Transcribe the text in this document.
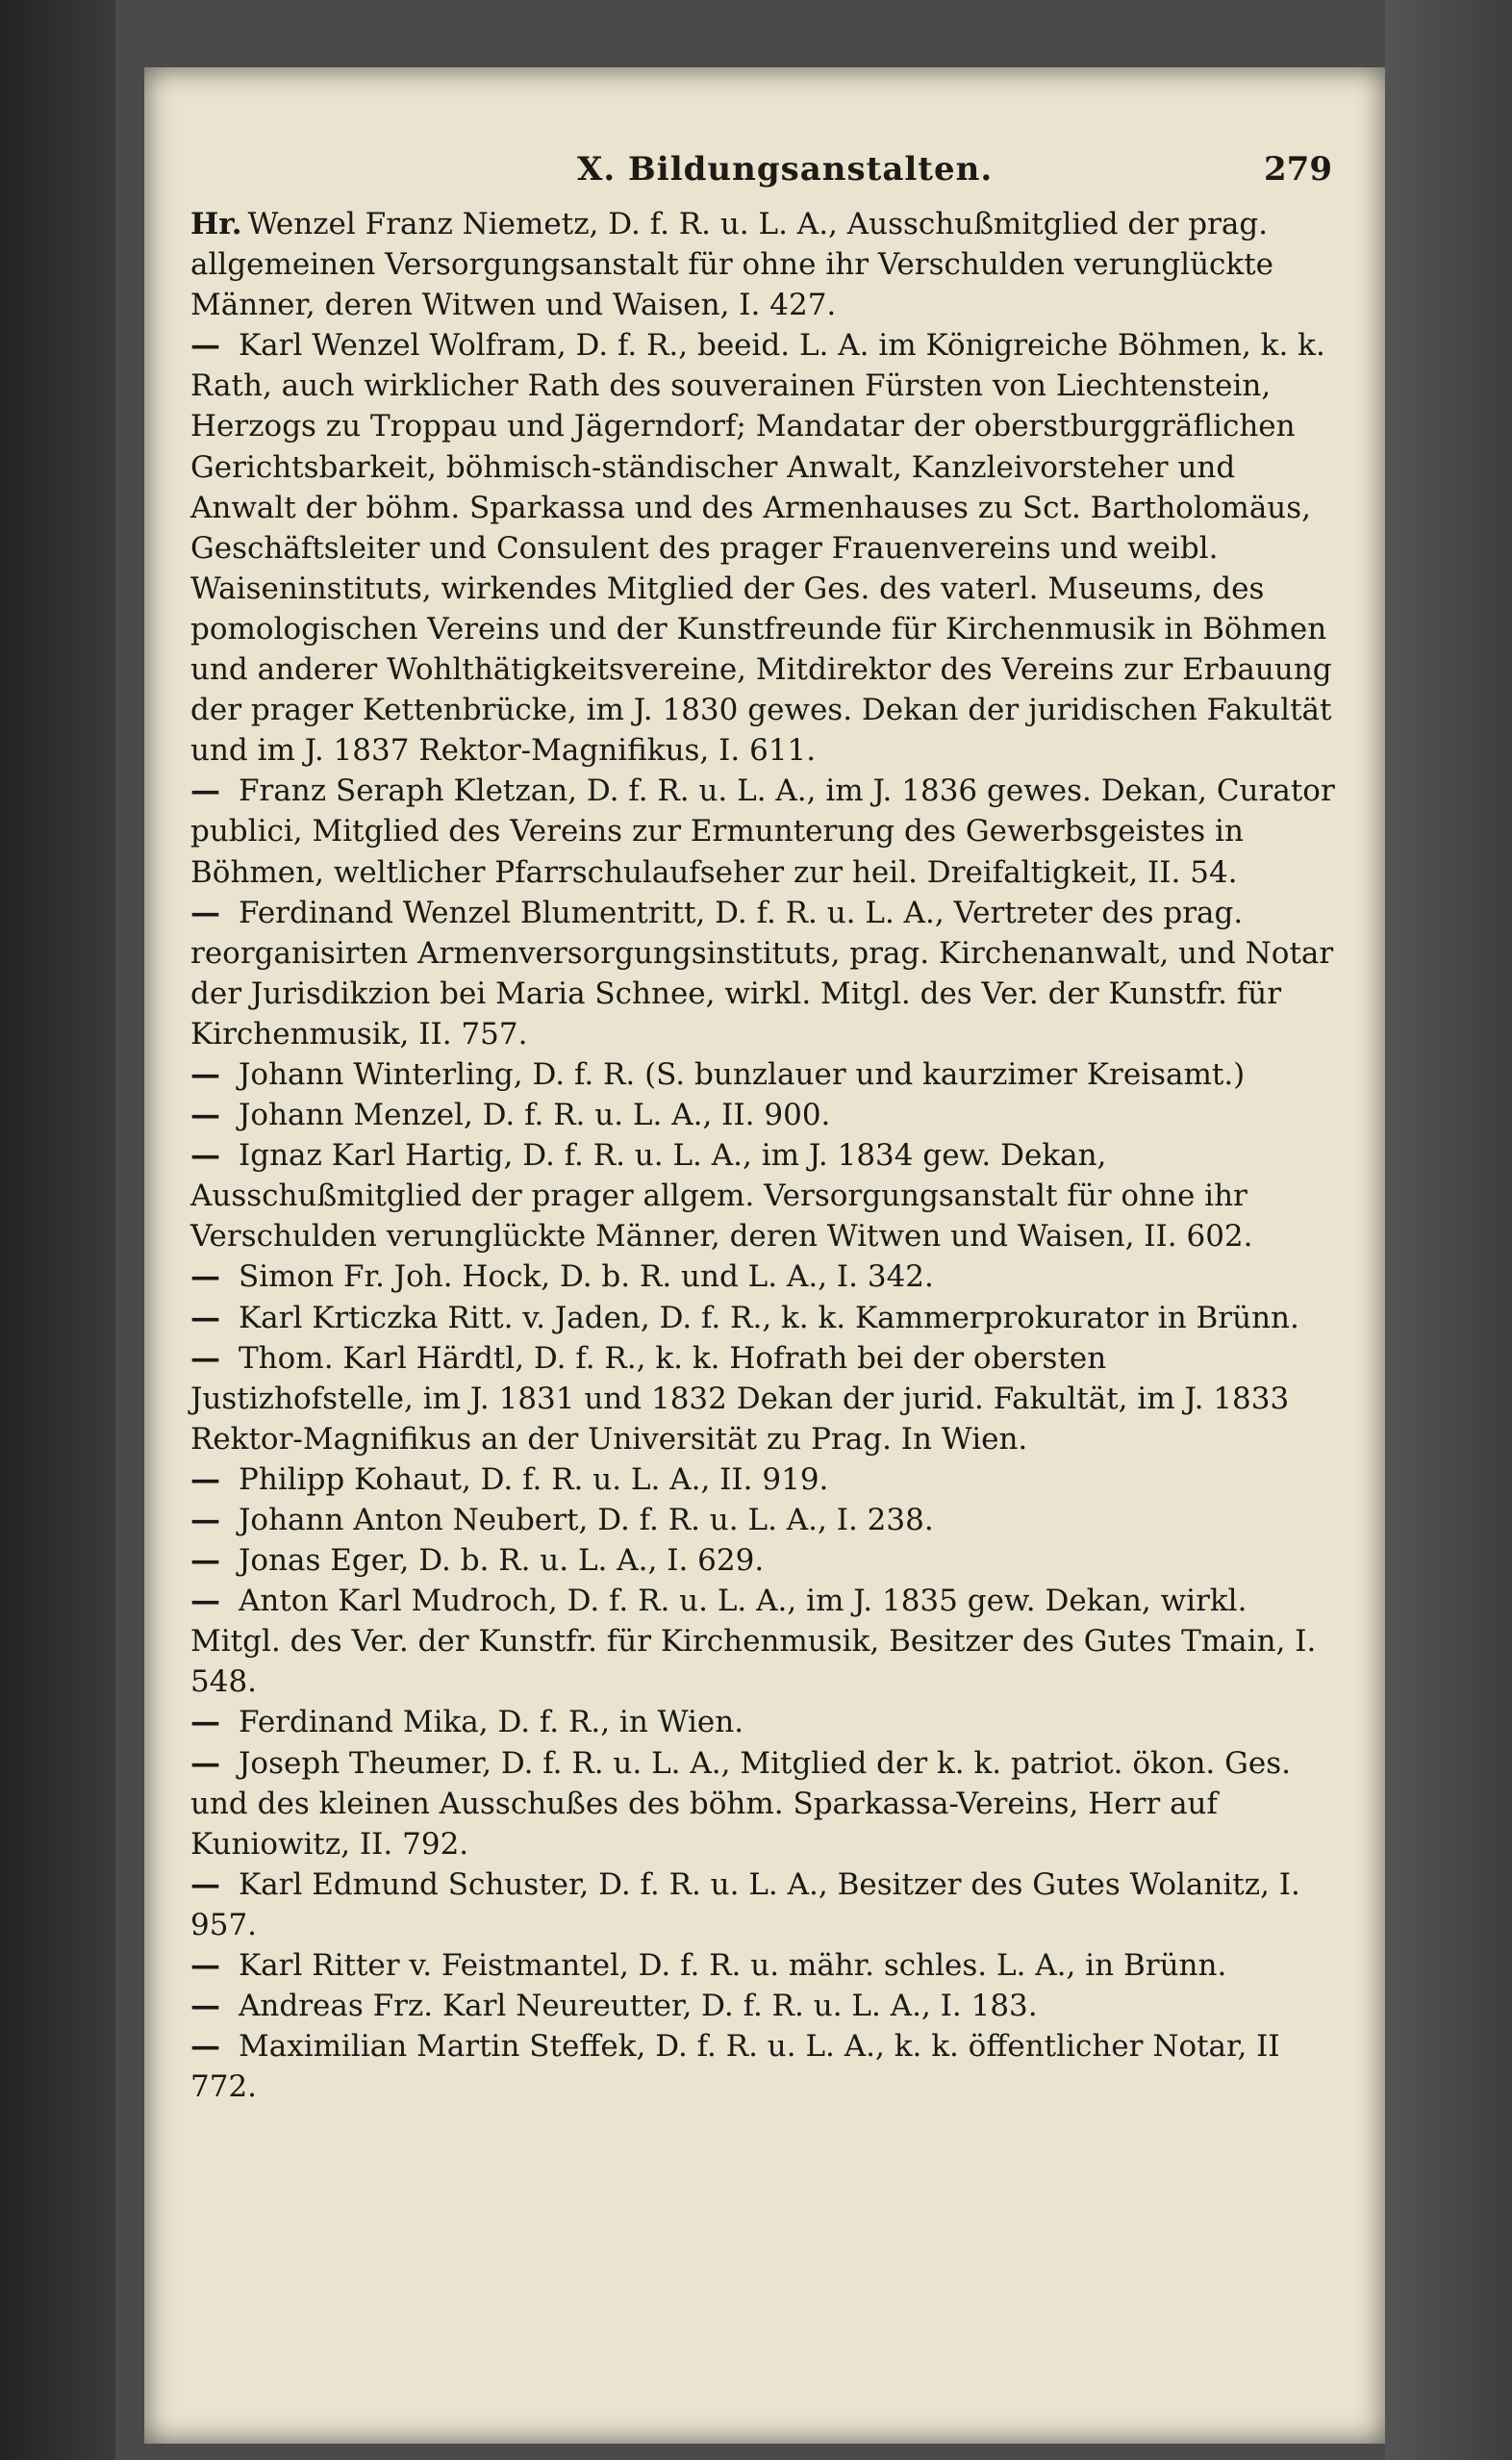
X. Bildungsanstalten.	279
Hr. Wenzel Franz Niemetz, D. f. R. u. L. A., Ausschußmitglied der prag. allgemeinen Versorgungsanstalt für ohne ihr Verschulden verunglückte Männer, deren Witwen und Waisen, I. 427.
— Karl Wenzel Wolfram, D. f. R., beeid. L. A. im Königreiche Böhmen, k. k. Rath, auch wirklicher Rath des souverainen Fürsten von Liechtenstein, Herzogs zu Troppau und Jägerndorf; Mandatar der oberstburggräflichen Gerichtsbarkeit, böhmisch-ständischer Anwalt, Kanzleivorsteher und Anwalt der böhm. Sparkassa und des Armenhauses zu Sct. Bartholomäus, Geschäftsleiter und Consulent des prager Frauenvereins und weibl. Waiseninstituts, wirkendes Mitglied der Ges. des vaterl. Museums, des pomologischen Vereins und der Kunstfreunde für Kirchenmusik in Böhmen und anderer Wohlthätigkeitsvereine, Mitdirektor des Vereins zur Erbauung der prager Kettenbrücke, im J. 1830 gewes. Dekan der juridischen Fakultät und im J. 1837 Rektor-Magnifikus, I. 611.
— Franz Seraph Kletzan, D. f. R. u. L. A., im J. 1836 gewes. Dekan, Curator publici, Mitglied des Vereins zur Ermunterung des Gewerbsgeistes in Böhmen, weltlicher Pfarrschulaufseher zur heil. Dreifaltigkeit, II. 54.
— Ferdinand Wenzel Blumentritt, D. f. R. u. L. A., Vertreter des prag. reorganisirten Armenversorgungsinstituts, prag. Kirchenanwalt, und Notar der Jurisdikzion bei Maria Schnee, wirkl. Mitgl. des Ver. der Kunstfr. für Kirchenmusik, II. 757.
— Johann Winterling, D. f. R. (S. bunzlauer und kaurzimer Kreisamt.)
— Johann Menzel, D. f. R. u. L. A., II. 900.
— Ignaz Karl Hartig, D. f. R. u. L. A., im J. 1834 gew. Dekan, Ausschußmitglied der prager allgem. Versorgungsanstalt für ohne ihr Verschulden verunglückte Männer, deren Witwen und Waisen, II. 602.
— Simon Fr. Joh. Hock, D. b. R. und L. A., I. 342.
— Karl Krticzka Ritt. v. Jaden, D. f. R., k. k. Kammerprokurator in Brünn.
— Thom. Karl Härdtl, D. f. R., k. k. Hofrath bei der obersten Justizhofstelle, im J. 1831 und 1832 Dekan der jurid. Fakultät, im J. 1833 Rektor-Magnifikus an der Universität zu Prag. In Wien.
— Philipp Kohaut, D. f. R. u. L. A., II. 919.
— Johann Anton Neubert, D. f. R. u. L. A., I. 238.
— Jonas Eger, D. b. R. u. L. A., I. 629.
— Anton Karl Mudroch, D. f. R. u. L. A., im J. 1835 gew. Dekan, wirkl. Mitgl. des Ver. der Kunstfr. für Kirchenmusik, Besitzer des Gutes Tmain, I. 548.
— Ferdinand Mika, D. f. R., in Wien.
— Joseph Theumer, D. f. R. u. L. A., Mitglied der k. k. patriot. ökon. Ges. und des kleinen Ausschußes des böhm. Sparkassa-Vereins, Herr auf Kuniowitz, II. 792.
— Karl Edmund Schuster, D. f. R. u. L. A., Besitzer des Gutes Wolanitz, I. 957.
— Karl Ritter v. Feistmantel, D. f. R. u. mähr. schles. L. A., in Brünn.
— Andreas Frz. Karl Neureutter, D. f. R. u. L. A., I. 183.
— Maximilian Martin Steffek, D. f. R. u. L. A., k. k. öffentlicher Notar, II 772.
